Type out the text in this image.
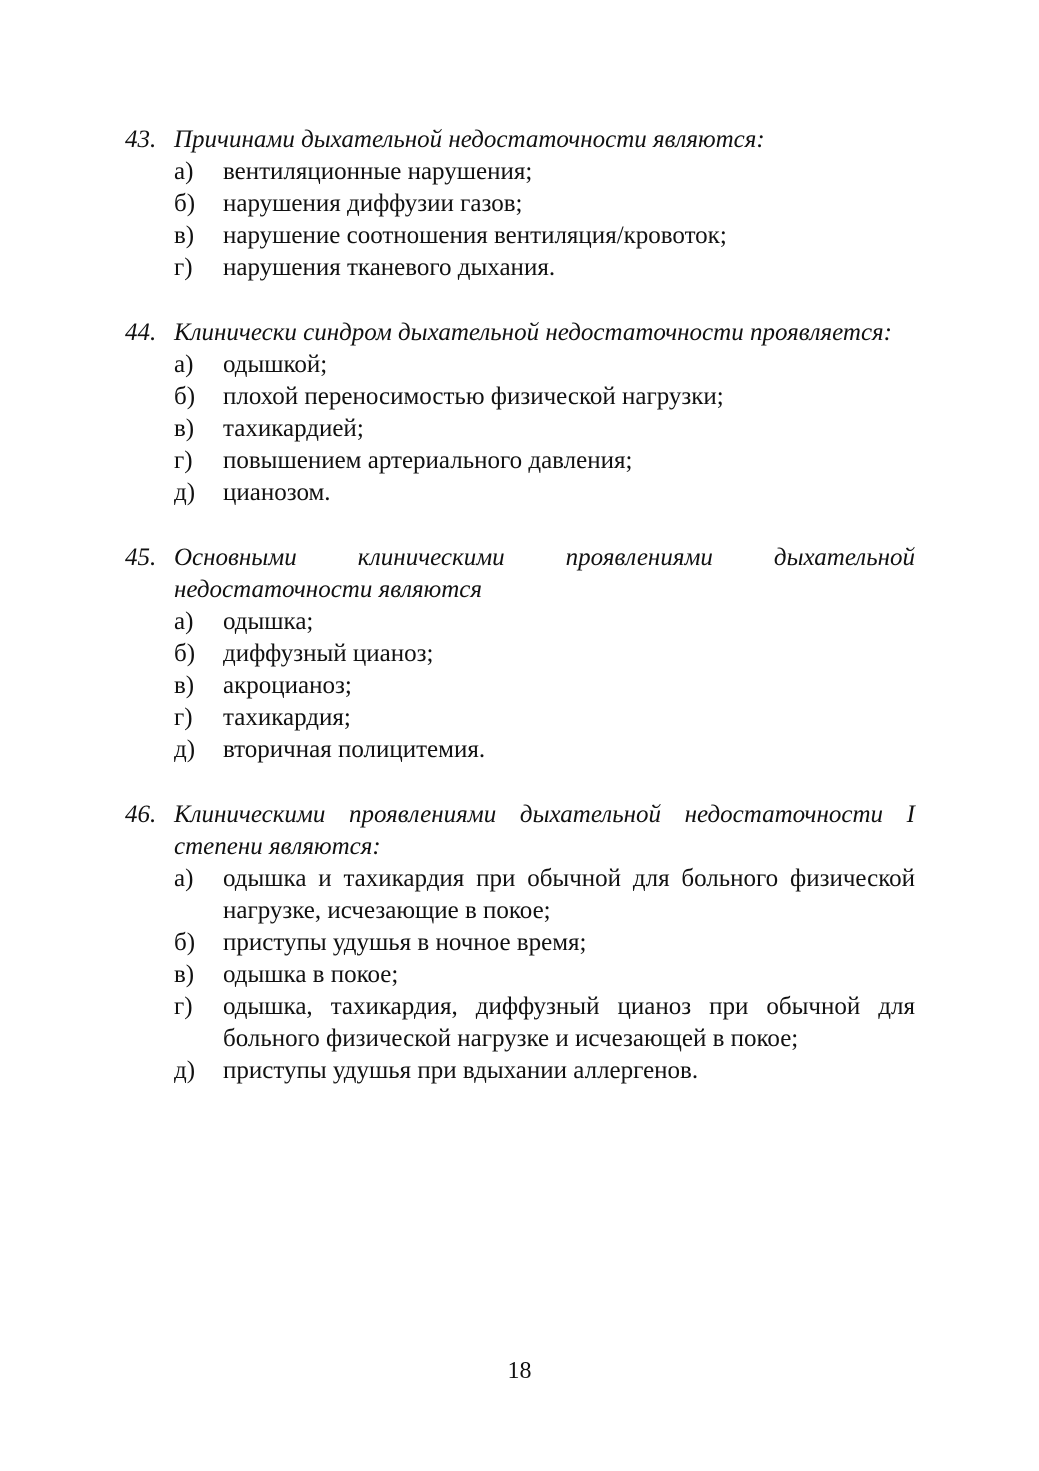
43. Причинами дыхательной недостаточности являются:
а)	вентиляционные нарушения;
б)	нарушения диффузии газов;
в)	нарушение соотношения вентиляция/кровоток;
г)	нарушения тканевого дыхания.
44. Клинически синдром дыхательной недостаточности проявляется:
а)	одышкой;
б)	плохой переносимостью физической нагрузки;
в)	тахикардией;
г)	повышением артериального давления;
д)	цианозом.
45. Основными клиническими проявлениями дыхательной недостаточности являются
а)	одышка;
б)	диффузный цианоз;
в)	акроцианоз;
г)	тахикардия;
д)	вторичная полицитемия.
46. Клиническими проявлениями дыхательной недостаточности I степени являются:
а)	одышка и тахикардия при обычной для больного физической нагрузке, исчезающие в покое;
б)	приступы удушья в ночное время;
в)	одышка в покое;
г)	одышка, тахикардия, диффузный цианоз при обычной для больного физической нагрузке и исчезающей в покое;
д)	приступы удушья при вдыхании аллергенов.
18
